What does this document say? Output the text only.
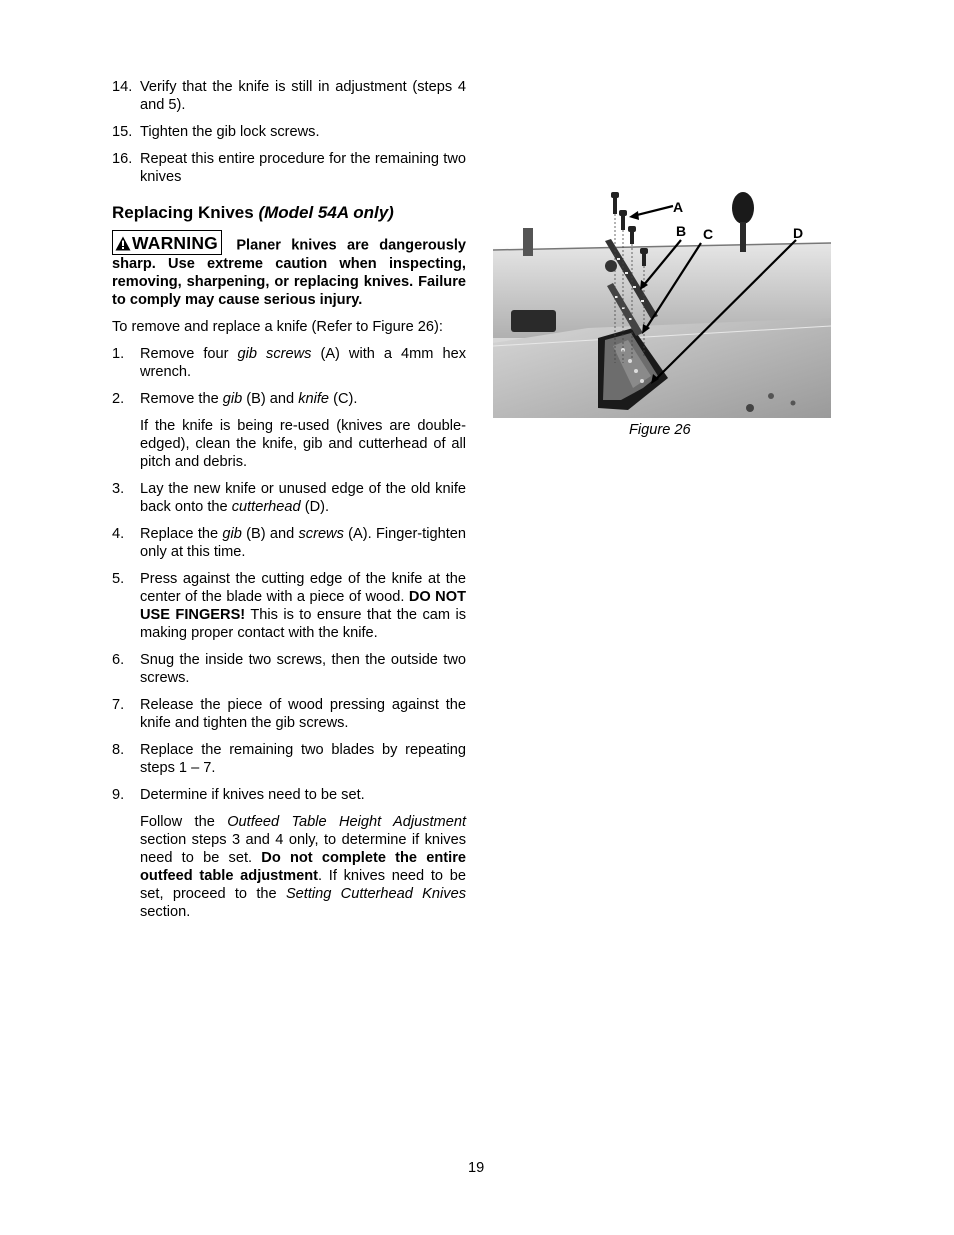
14. Verify that the knife is still in adjustment (steps 4 and 5).
15. Tighten the gib lock screws.
16. Repeat this entire procedure for the remaining two knives
Replacing Knives (Model 54A only)
WARNING Planer knives are dangerously sharp. Use extreme caution when inspecting, removing, sharpening, or replacing knives. Failure to comply may cause serious injury.
To remove and replace a knife (Refer to Figure 26):
1. Remove four gib screws (A) with a 4mm hex wrench.
2. Remove the gib (B) and knife (C).

If the knife is being re-used (knives are double-edged), clean the knife, gib and cutterhead of all pitch and debris.

3. Lay the new knife or unused edge of the old knife back onto the cutterhead (D).
4. Replace the gib (B) and screws (A). Finger-tighten only at this time.
5. Press against the cutting edge of the knife at the center of the blade with a piece of wood. DO NOT USE FINGERS! This is to ensure that the cam is making proper contact with the knife.
6. Snug the inside two screws, then the outside two screws.
7. Release the piece of wood pressing against the knife and tighten the gib screws.
8. Replace the remaining two blades by repeating steps 1 – 7.
9. Determine if knives need to be set.

Follow the Outfeed Table Height Adjustment section steps 3 and 4 only, to determine if knives need to be set. Do not complete the entire outfeed table adjustment. If knives need to be set, proceed to the Setting Cutterhead Knives section.

A
B C	D
Figure 26
19
